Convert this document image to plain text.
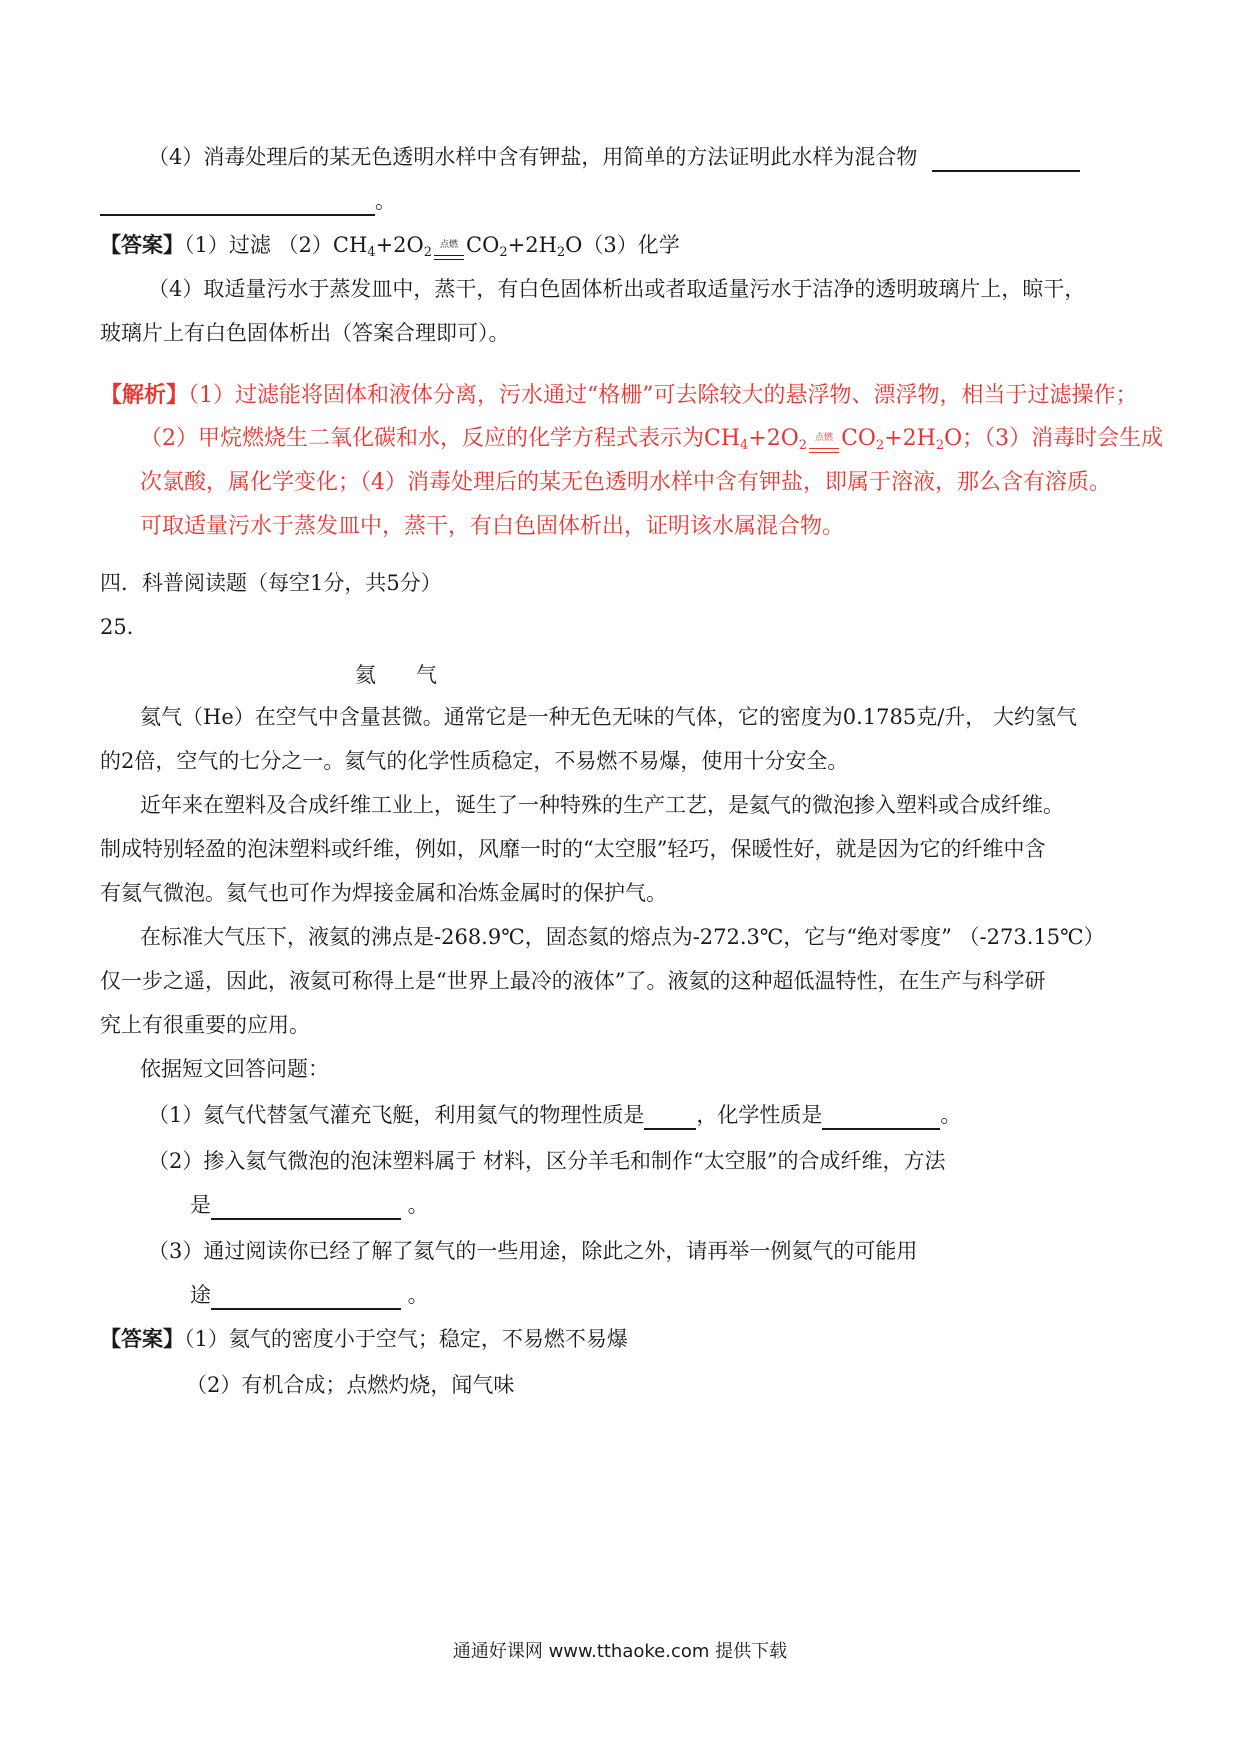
（4）消毒处理后的某无色透明水样中含有钾盐，用简单的方法证明此水样为混合物
。
【答案】（1）过滤 $(2)CH_4+2O_2$ 点燃 $CO_2+2H_2O(3)$化学
（4）取适量污水于蒸发皿中，蒸干，有白色固体析出或者取适量污水于洁净的透明玻璃片上，晾干，
玻璃片上有白色固体析出（答案合理即可）。
【解析】（1）过滤能将固体和液体分离，污水通过“格栅”可去除较大的悬浮物、漂浮物，相当于过滤操作；
（2）甲烷燃烧生二氧化碳和水，反应的化学方程式表示为$CH_4+2O_2$ 点燃 $CO_2+2H_2O$；（3）消毒时会生成
次氯酸，属化学变化；（4）消毒处理后的某无色透明水样中含有钾盐，即属于溶液，那么含有溶质。
可取适量污水于蒸发皿中，蒸干，有白色固体析出，证明该水属混合物。
四．科普阅读题（每空1分，共5分）
25．
氦气
氦气（He）在空气中含量甚微。通常它是一种无色无味的气体，它的密度为0.1785克/升， 大约氢气
的2倍，空气的七分之一。氦气的化学性质稳定，不易燃不易爆，使用十分安全。
近年来在塑料及合成纤维工业上，诞生了一种特殊的生产工艺，是氦气的微泡掺入塑料或合成纤维。
制成特别轻盈的泡沫塑料或纤维，例如，风靡一时的“太空服”轻巧，保暖性好，就是因为它的纤维中含
有氦气微泡。氦气也可作为焊接金属和冶炼金属时的保护气。
在标准大气压下，液氦的沸点是-268.9℃，固态氦的熔点为-272.3℃，它与“绝对零度” （-273.15℃）
仅一步之遥，因此，液氦可称得上是“世界上最冷的液体”了。液氦的这种超低温特性，在生产与科学研
究上有很重要的应用。
依据短文回答问题：
（1）氦气代替氢气灌充飞艇，利用氦气的物理性质是 ，化学性质是	。
（2）掺入氦气微泡的泡沫塑料属于 材料，区分羊毛和制作“太空服”的合成纤维，方法
是	。
（3）通过阅读你已经了解了氦气的一些用途，除此之外，请再举一例氦气的可能用
途	。
【答案】（1）氦气的密度小于空气；稳定，不易燃不易爆
（2）有机合成；点燃灼烧，闻气味
通通好课网 www.tthaoke.com 提供下载
